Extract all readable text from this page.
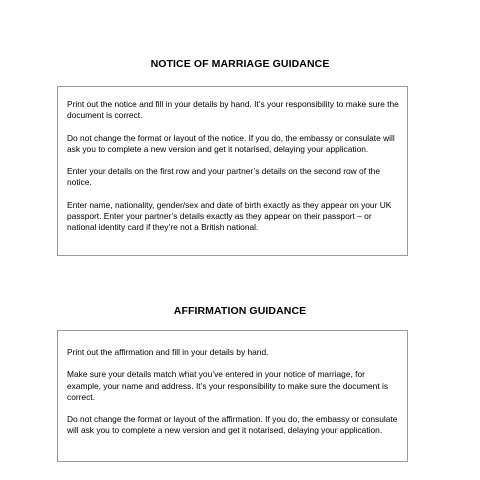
NOTICE OF MARRIAGE GUIDANCE

Print out the notice and fill in your details by hand. It’s your responsibility to make sure the document is correct.

Do not change the format or layout of the notice. If you do, the embassy or consulate will ask you to complete a new version and get it notarised, delaying your application.

Enter your details on the first row and your partner’s details on the second row of the notice.

Enter name, nationality, gender/sex and date of birth exactly as they appear on your UK passport. Enter your partner’s details exactly as they appear on their passport – or national identity card if they’re not a British national.

AFFIRMATION GUIDANCE

Print out the affirmation and fill in your details by hand.

Make sure your details match what you’ve entered in your notice of marriage, for example, your name and address. It’s your responsibility to make sure the document is correct.

Do not change the format or layout of the affirmation. If you do, the embassy or consulate will ask you to complete a new version and get it notarised, delaying your application.
